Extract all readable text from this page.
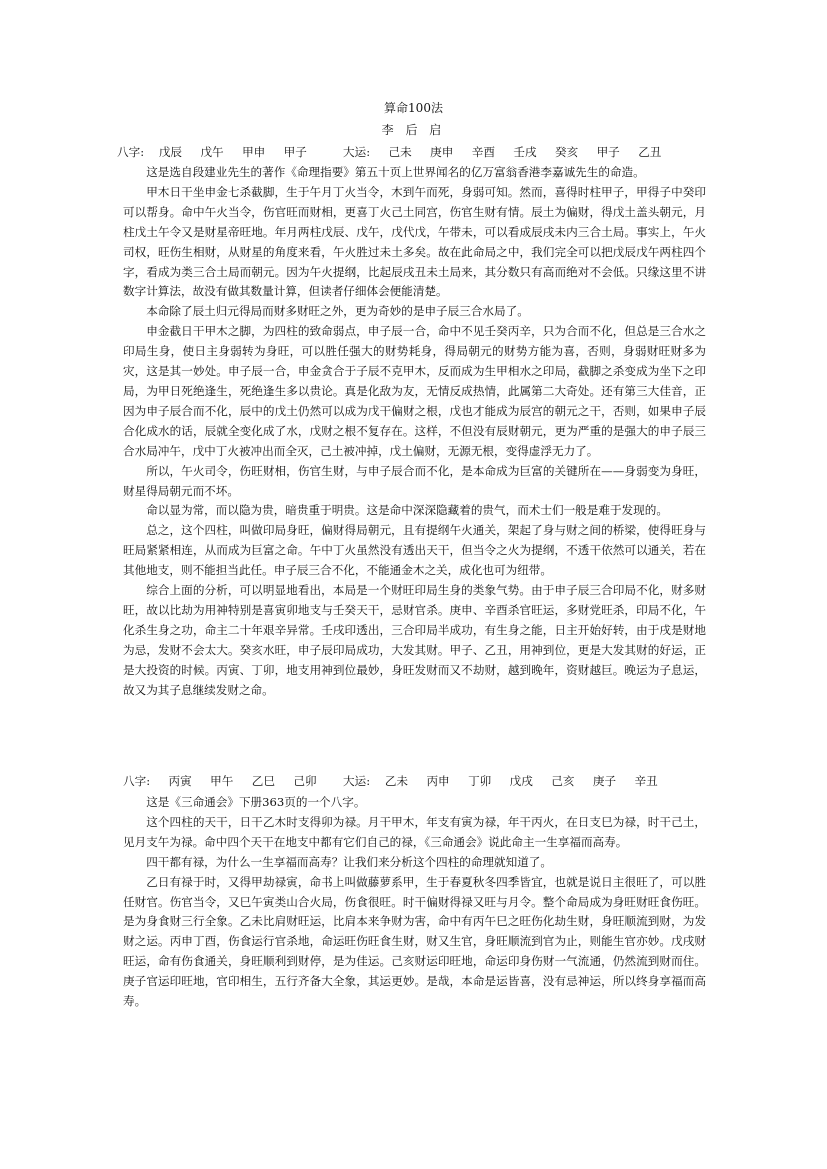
算命100法
李 后 启
八字:    戊辰     戊午     甲申     甲子	大运:     己未     庚申     辛酉     壬戌     癸亥     甲子     乙丑

这是选自段建业先生的著作《命理指要》第五十页上世界闻名的亿万富翁香港李嘉诚先生的命造。

甲木日干坐申金七杀截脚，生于午月丁火当令，木到午而死，身弱可知。然而，喜得时柱甲子，甲得子中癸印可以帮身。命中午火当令，伤官旺而财相，更喜丁火己土同宫，伤官生财有情。辰土为偏财，得戊土盖头朝元，月柱戊土午令又是财星帝旺地。年月两柱戊辰、戊午，戊代戊，午带未，可以看成辰戌未内三合土局。事实上，午火司权，旺伤生相财，从财星的角度来看，午火胜过未土多矣。故在此命局之中，我们完全可以把戊辰戊午两柱四个字，看成为类三合土局而朝元。因为午火提纲，比起辰戌丑未土局来，其分数只有高而绝对不会低。只缘这里不讲数字计算法，故没有做其数量计算，但读者仔细体会便能清楚。

本命除了辰土归元得局而财多财旺之外，更为奇妙的是申子辰三合水局了。

申金截日干甲木之脚，为四柱的致命弱点，申子辰一合，命中不见壬癸丙辛，只为合而不化，但总是三合水之印局生身，使日主身弱转为身旺，可以胜任强大的财势耗身，得局朝元的财势方能为喜，否则，身弱财旺财多为灾，这是其一妙处。申子辰一合，申金贪合于子辰不克甲木，反而成为生甲相水之印局，截脚之杀变成为坐下之印局，为甲日死绝逢生，死绝逢生多以贵论。真是化敌为友，无情反成热情，此属第二大奇处。还有第三大佳音，正因为申子辰合而不化，辰中的戊土仍然可以成为戊干偏财之根，戊也才能成为辰宫的朝元之干，否则，如果申子辰合化成水的话，辰就全变化成了水，戊财之根不复存在。这样，不但没有辰财朝元，更为严重的是强大的申子辰三合水局冲午，戊中丁火被冲出而全灭，己土被冲掉，戊土偏财，无源无根，变得虚浮无力了。

所以，午火司令，伤旺财相，伤官生财，与申子辰合而不化，是本命成为巨富的关键所在——身弱变为身旺，财星得局朝元而不坏。

命以显为常，而以隐为贵，暗贵重于明贵。这是命中深深隐藏着的贵气，而术士们一般是难于发现的。

总之，这个四柱，叫做印局身旺，偏财得局朝元，且有提纲午火通关，架起了身与财之间的桥梁，使得旺身与旺局紧紧相连，从而成为巨富之命。午中丁火虽然没有透出天干，但当令之火为提纲，不透干依然可以通关，若在其他地支，则不能担当此任。申子辰三合不化，不能通金木之关，成化也可为纽带。

综合上面的分析，可以明显地看出，本局是一个财旺印局生身的类象气势。由于申子辰三合印局不化，财多财旺，故以比劫为用神特别是喜寅卯地支与壬癸天干，忌财官杀。庚申、辛酉杀官旺运，多财党旺杀，印局不化，午化杀生身之功，命主二十年艰辛异常。壬戌印透出，三合印局半成功，有生身之能，日主开始好转，由于戌是财地为忌，发财不会太大。癸亥水旺，申子辰印局成功，大发其财。甲子、乙丑，用神到位，更是大发其财的好运，正是大投资的时候。丙寅、丁卯，地支用神到位最妙，身旺发财而又不劫财，越到晚年，资财越巨。晚运为子息运，故又为其子息继续发财之命。

八字:     丙寅     甲午     乙巳     己卯 大运:    乙未     丙申     丁卯     戊戌     己亥     庚子     辛丑

这是《三命通会》下册363页的一个八字。

这个四柱的天干，日干乙木时支得卯为禄。月干甲木，年支有寅为禄，年干丙火，在日支巳为禄，时干己土，见月支午为禄。命中四个天干在地支中都有它们自己的禄，《三命通会》说此命主一生享福而高寿。

四干都有禄，为什么一生享福而高寿？让我们来分析这个四柱的命理就知道了。

乙日有禄于时，又得甲劫禄寅，命书上叫做藤萝系甲，生于春夏秋冬四季皆宜，也就是说日主很旺了，可以胜任财官。伤官当令，又巳午寅类山合火局，伤食很旺。时干偏财得禄又旺与月令。整个命局成为身旺财旺食伤旺。是为身食财三行全象。乙未比肩财旺运，比肩本来争财为害，命中有丙午巳之旺伤化劫生财，身旺顺流到财，为发财之运。丙申丁酉，伤食运行官杀地，命运旺伤旺食生财，财又生官，身旺顺流到官为止，则能生官亦妙。戊戌财旺运，命有伤食通关，身旺顺利到财停，是为佳运。己亥财运印旺地，命运印身伤财一气流通，仍然流到财而住。庚子官运印旺地，官印相生，五行齐备大全象，其运更妙。是哉，本命是运皆喜，没有忌神运，所以终身享福而高寿。
